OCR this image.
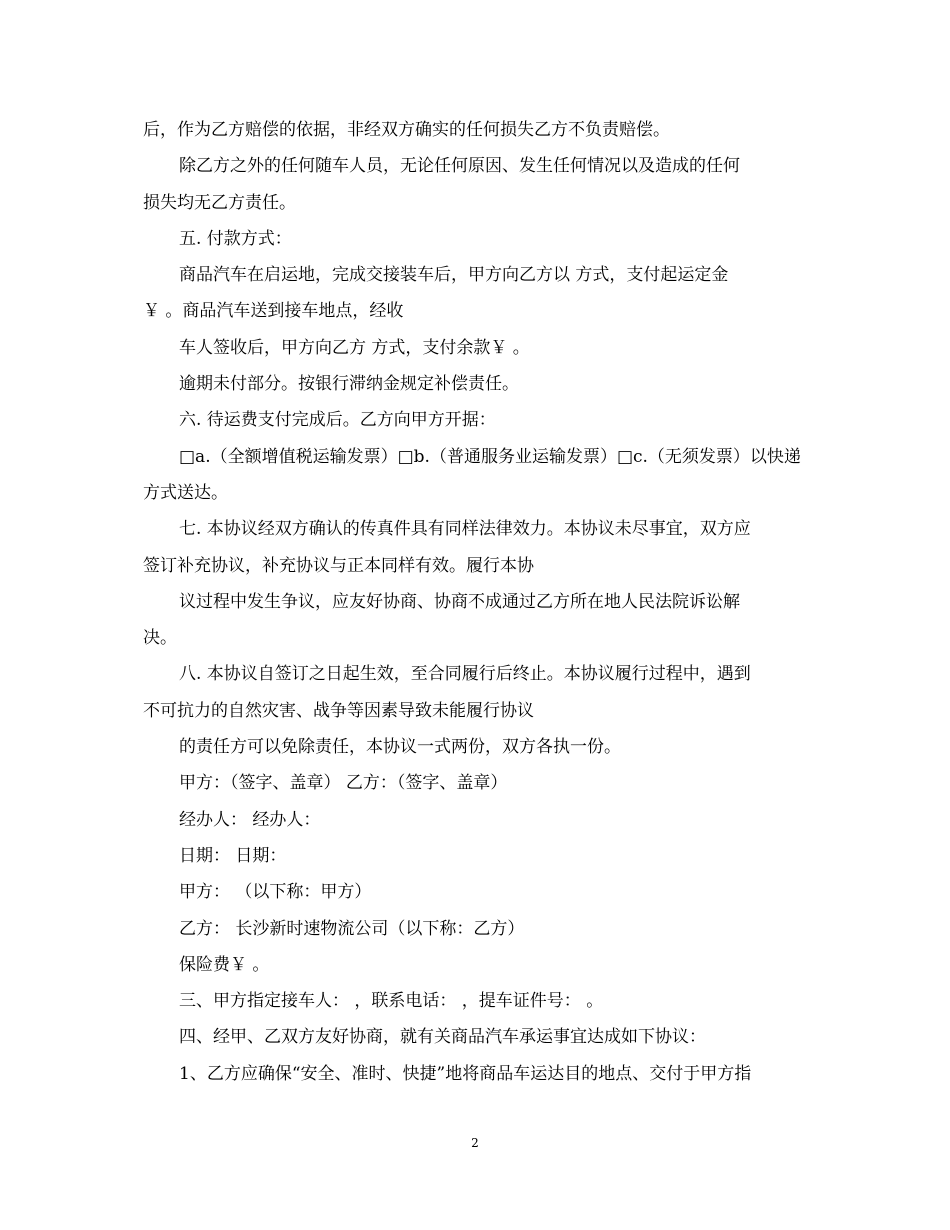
后，作为乙方赔偿的依据，非经双方确实的任何损失乙方不负责赔偿。
除乙方之外的任何随车人员，无论任何原因、发生任何情况以及造成的任何
损失均无乙方责任。
五. 付款方式：
商品汽车在启运地，完成交接装车后，甲方向乙方以 方式，支付起运定金
￥ 。商品汽车送到接车地点，经收
车人签收后，甲方向乙方 方式，支付余款￥ 。
逾期未付部分。按银行滞纳金规定补偿责任。
六. 待运费支付完成后。乙方向甲方开据：
□a.（全额增值税运输发票）□b.（普通服务业运输发票）□c.（无须发票）以快递
方式送达。
七. 本协议经双方确认的传真件具有同样法律效力。本协议未尽事宜，双方应
签订补充协议，补充协议与正本同样有效。履行本协
议过程中发生争议，应友好协商、协商不成通过乙方所在地人民法院诉讼解
决。
八. 本协议自签订之日起生效，至合同履行后终止。本协议履行过程中，遇到
不可抗力的自然灾害、战争等因素导致未能履行协议
的责任方可以免除责任，本协议一式两份，双方各执一份。
甲方：（签字、盖章） 乙方：（签字、盖章）
经办人： 经办人：
日期： 日期：
甲方： （以下称：甲方）
乙方： 长沙新时速物流公司（以下称：乙方）
保险费￥ 。
三、甲方指定接车人： ，联系电话： ，提车证件号： 。
四、经甲、乙双方友好协商，就有关商品汽车承运事宜达成如下协议：
1、乙方应确保“安全、准时、快捷”地将商品车运达目的地点、交付于甲方指
2
